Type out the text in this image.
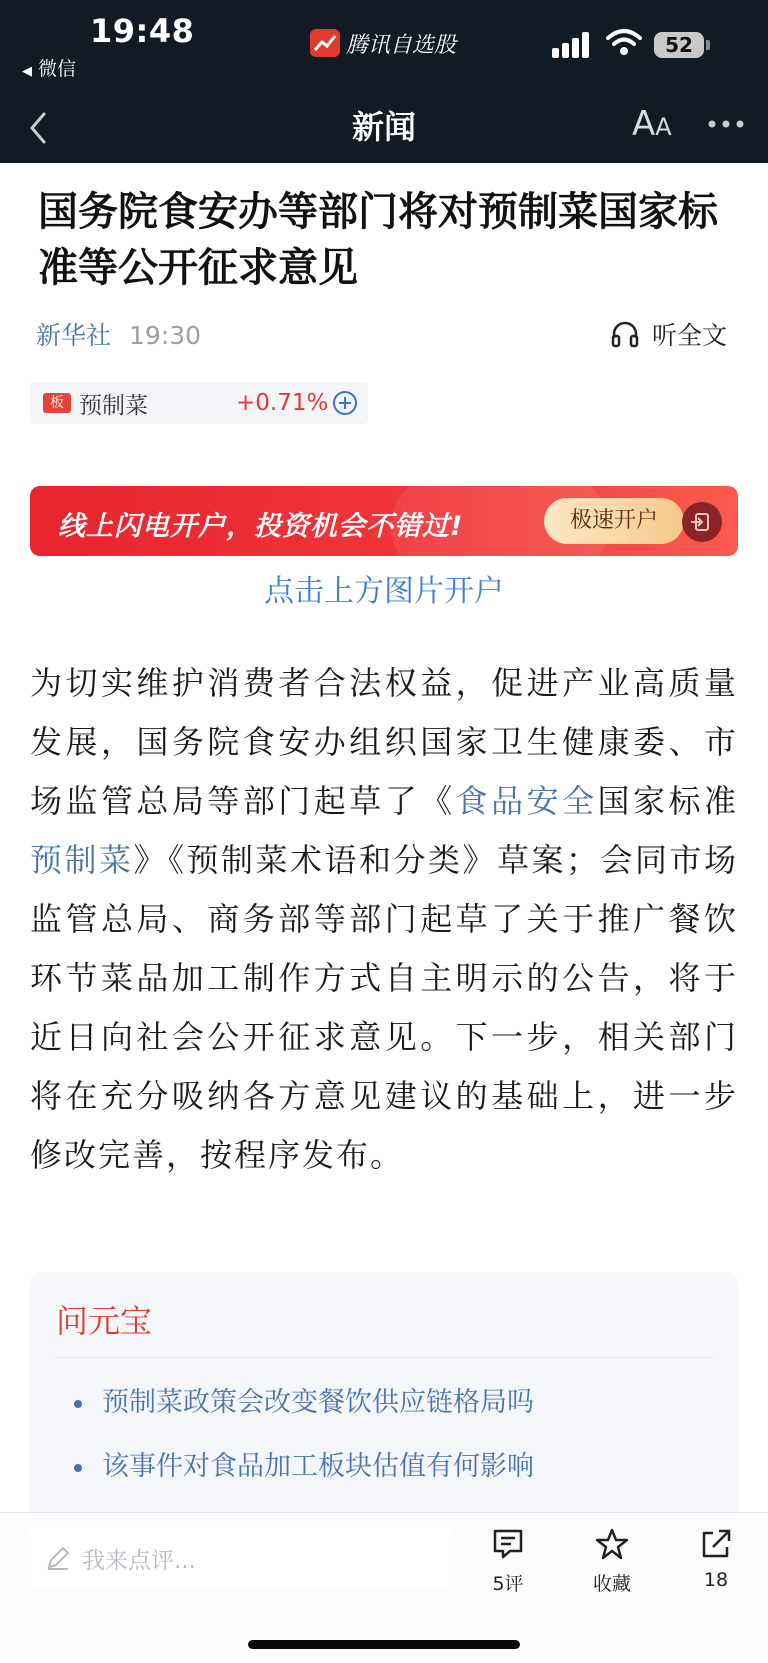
19:48
◀ 微信
腾讯自选股	52
新闻	AA
国务院食安办等部门将对预制菜国家标准等公开征求意见
新华社 19:30	听全文
板 预制菜	+0.71%
线上闪电开户，投资机会不错过!	极速开户
点击上方图片开户

为切实维护消费者合法权益，促进产业高质量发展，国务院食安办组织国家卫生健康委、市场监管总局等部门起草了《食品安全国家标准 预制菜》《预制菜术语和分类》草案；会同市场监管总局、商务部等部门起草了关于推广餐饮环节菜品加工制作方式自主明示的公告，将于近日向社会公开征求意见。下一步，相关部门将在充分吸纳各方意见建议的基础上，进一步修改完善，按程序发布。

问元宝
预制菜政策会改变餐饮供应链格局吗
该事件对食品加工板块估值有何影响
我来点评...
5评	收藏	18
